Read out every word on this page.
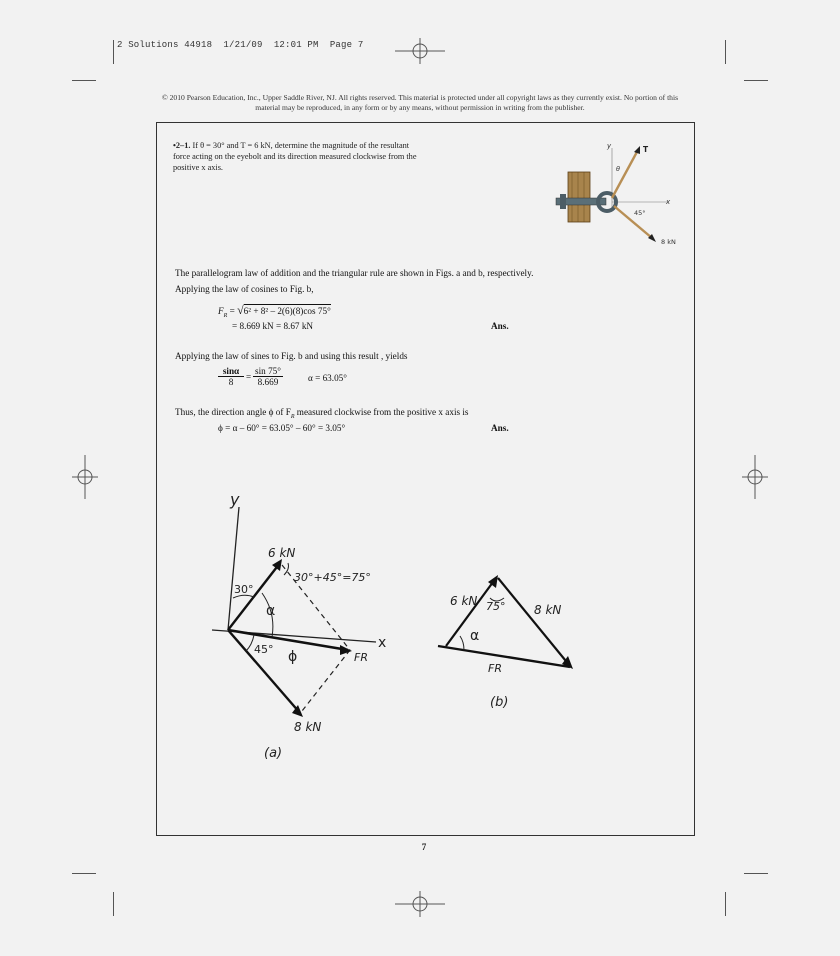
2 Solutions 44918  1/21/09  12:01 PM  Page 7
© 2010 Pearson Education, Inc., Upper Saddle River, NJ. All rights reserved. This material is protected under all copyright laws as they currently exist. No portion of this material may be reproduced, in any form or by any means, without permission in writing from the publisher.
•2–1. If θ = 30° and T = 6 kN, determine the magnitude of the resultant force acting on the eyebolt and its direction measured clockwise from the positive x axis.
y
x
T
θ
45°
8 kN
The parallelogram law of addition and the triangular rule are shown in Figs. a and b, respectively.
Applying the law of cosines to Fig. b,
$F_R = √6^2 + 8^2 - 2(6)(8)\cos$ 75°
= 8.669 kN = 8.67 kN	Ans.
Applying the law of sines to Fig. b and using this result , yields
$\frac{\sin\alpha}{8} = \frac{\sin 75^\circ}{8.669}$	α = 63.05°
Thus, the direction angle ϕ of $F_R$ measured clockwise from the positive x axis is
ϕ = α – 60° = 63.05° – 60° = 3.05°	Ans.
y
x
6 kN
8 kN
FR
30°
30°+45°=75°
α
45° ϕ
(a)
6 kN 75° 8 kN
α
FR
(b)
7
